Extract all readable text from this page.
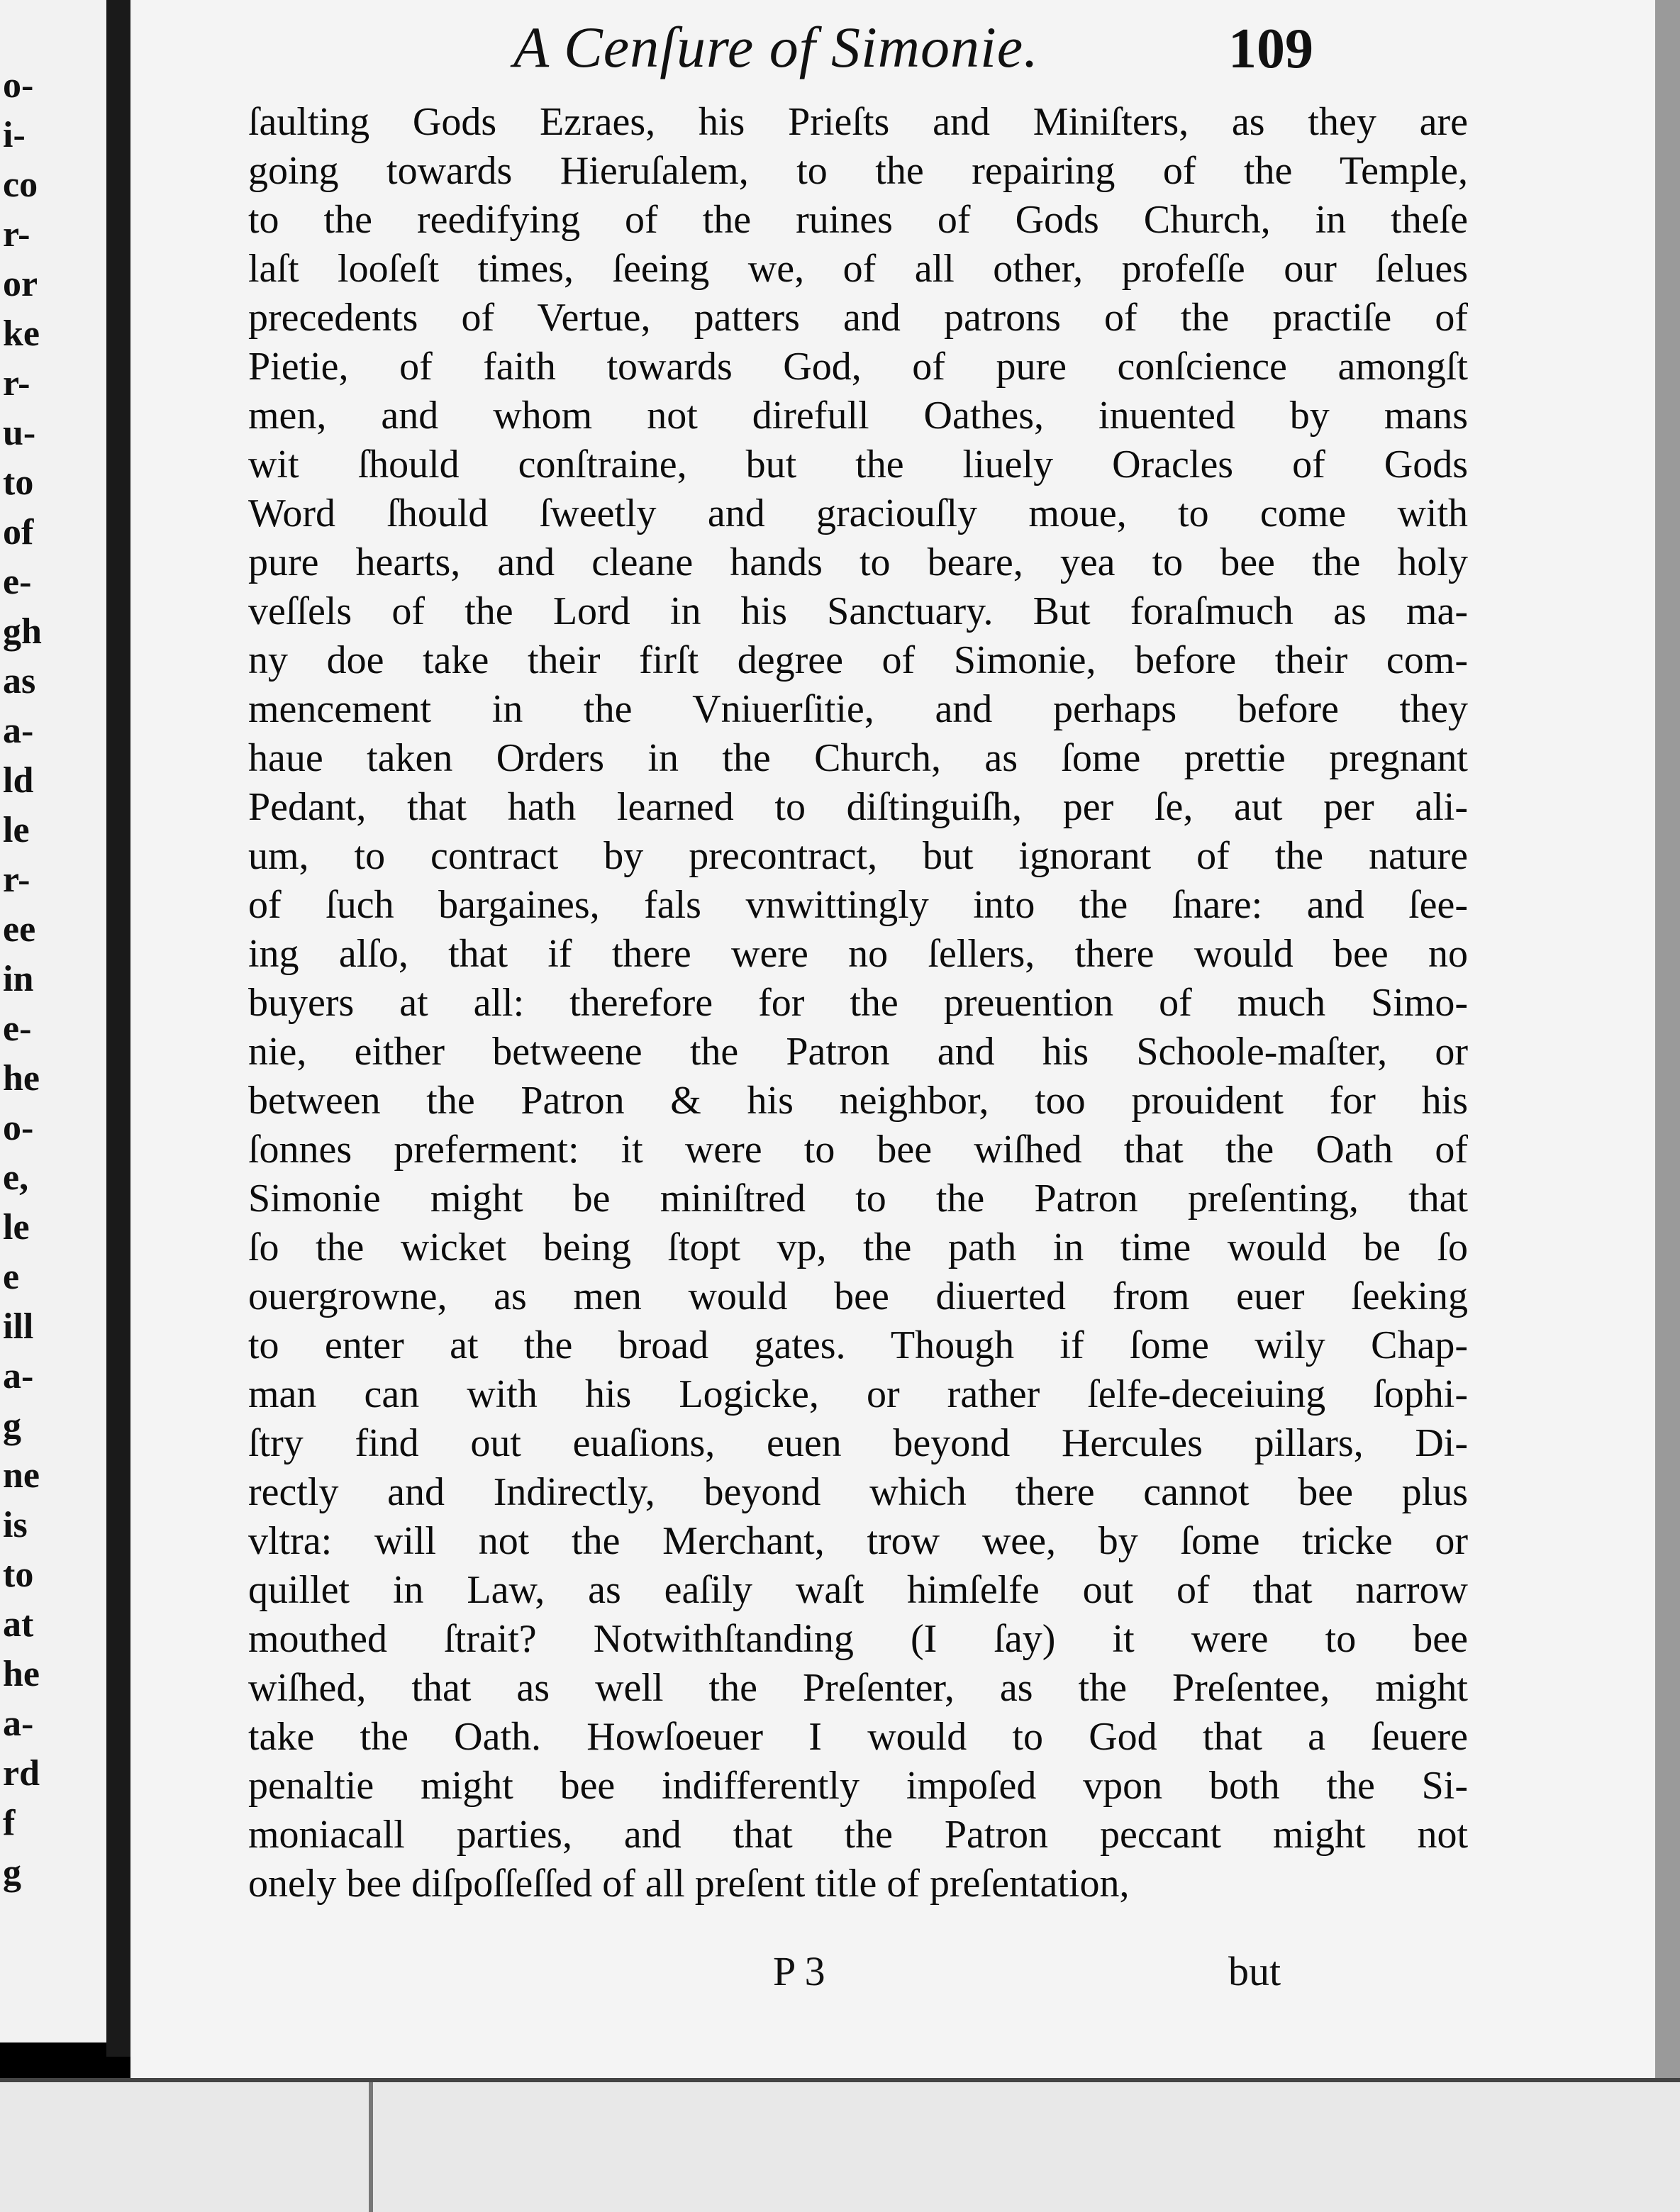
o-
i-
co
r-
or
ke
r-
u-
to
of
e-
gh
as
a-
ld
le
r-
ee
in
e-
he
o-
e,
le
e
ill
a-
g
ne
is
to
at
he
a-
rd
f
g
A Cenſure of Simonie.	109
ſaulting Gods Ezraes, his Prieſts and Miniſters, as they are
going towards Hieruſalem, to the repairing of the Temple,
to the reedifying of the ruines of Gods Church, in theſe
laſt looſeſt times, ſeeing we, of all other, profeſſe our ſelues
precedents of Vertue, patters and patrons of the practiſe of
Pietie, of faith towards God, of pure conſcience amongſt
men, and whom not direfull Oathes, inuented by mans
wit ſhould conſtraine, but the liuely Oracles of Gods
Word ſhould ſweetly and graciouſly moue, to come with
pure hearts, and cleane hands to beare, yea to bee the holy
veſſels of the Lord in his Sanctuary. But foraſmuch as ma-
ny doe take their firſt degree of Simonie, before their com-
mencement in the Vniuerſitie, and perhaps before they
haue taken Orders in the Church, as ſome prettie pregnant
Pedant, that hath learned to diſtinguiſh, per ſe, aut per ali-
um, to contract by precontract, but ignorant of the nature
of ſuch bargaines, fals vnwittingly into the ſnare: and ſee-
ing alſo, that if there were no ſellers, there would bee no
buyers at all: therefore for the preuention of much Simo-
nie, either betweene the Patron and his Schoole-maſter, or
between the Patron & his neighbor, too prouident for his
ſonnes preferment: it were to bee wiſhed that the Oath of
Simonie might be miniſtred to the Patron preſenting, that
ſo the wicket being ſtopt vp, the path in time would be ſo
ouergrowne, as men would bee diuerted from euer ſeeking
to enter at the broad gates. Though if ſome wily Chap-
man can with his Logicke, or rather ſelfe-deceiuing ſophi-
ſtry find out euaſions, euen beyond Hercules pillars, Di-
rectly and Indirectly, beyond which there cannot bee plus
vltra: will not the Merchant, trow wee, by ſome tricke or
quillet in Law, as eaſily waſt himſelfe out of that narrow
mouthed ſtrait? Notwithſtanding (I ſay) it were to bee
wiſhed, that as well the Preſenter, as the Preſentee, might
take the Oath. Howſoeuer I would to God that a ſeuere
penaltie might bee indifferently impoſed vpon both the Si-
moniacall parties, and that the Patron peccant might not
onely bee diſpoſſeſſed of all preſent title of preſentation,
P 3	but
